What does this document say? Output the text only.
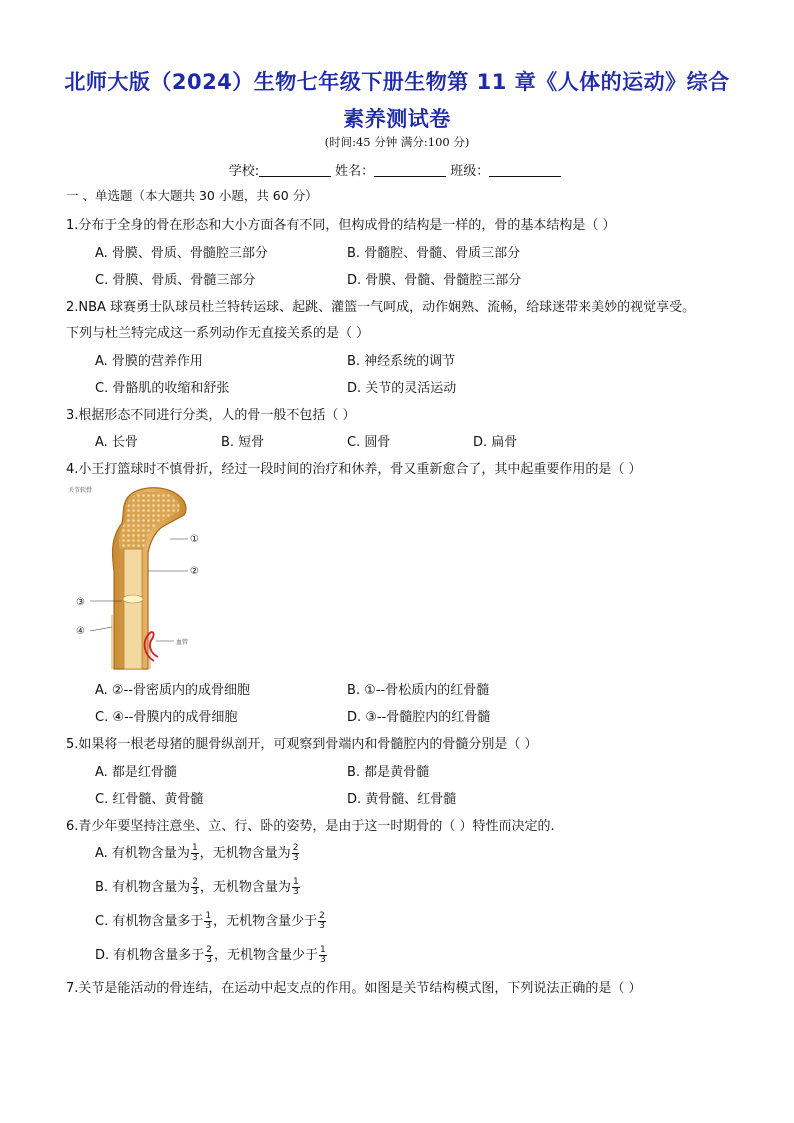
北师大版（2024）生物七年级下册生物第 11 章《人体的运动》综合
素养测试卷
(时间:45 分钟 满分:100 分)
学校:	姓名：	班级：
一 、单选题（本大题共 30 小题，共 60 分）
1.分布于全身的骨在形态和大小方面各有不同，但构成骨的结构是一样的，骨的基本结构是（ ）
A. 骨膜、骨质、骨髓腔三部分	B. 骨髓腔、骨髓、骨质三部分
C. 骨膜、骨质、骨髓三部分	D. 骨膜、骨髓、骨髓腔三部分
2.NBA 球赛勇士队球员杜兰特转运球、起跳、灌篮一气呵成，动作娴熟、流畅，给球迷带来美妙的视觉享受。
下列与杜兰特完成这一系列动作无直接关系的是（ ）
A. 骨膜的营养作用	B. 神经系统的调节
C. 骨骼肌的收缩和舒张	D. 关节的灵活运动
3.根据形态不同进行分类，人的骨一般不包括（ ）
A. 长骨	B. 短骨	C. 圆骨	D. 扁骨
4.小王打篮球时不慎骨折，经过一段时间的治疗和休养，骨又重新愈合了，其中起重要作用的是（ ）
关节软骨
①
②
③
④
血管
A. ②--骨密质内的成骨细胞	B. ①--骨松质内的红骨髓
C. ④--骨膜内的成骨细胞	D. ③--骨髓腔内的红骨髓
5.如果将一根老母猪的腿骨纵剖开，可观察到骨端内和骨髓腔内的骨髓分别是（ ）
A. 都是红骨髓	B. 都是黄骨髓
C. 红骨髓、黄骨髓	D. 黄骨髓、红骨髓
6.青少年要坚持注意坐、立、行、卧的姿势，是由于这一时期骨的（ ）特性而决定的.
A. 有机物含量为 $\frac{1}{3}$ ，无机物含量为 $\frac{2}{3}$
B. 有机物含量为 $\frac{2}{3}$ ，无机物含量为 $\frac{1}{3}$
C. 有机物含量多于 $\frac{1}{3}$ ，无机物含量少于 $\frac{2}{3}$
D. 有机物含量多于 $\frac{2}{3}$ ，无机物含量少于 $\frac{1}{3}$
7.关节是能活动的骨连结，在运动中起支点的作用。如图是关节结构模式图，下列说法正确的是（ ）
